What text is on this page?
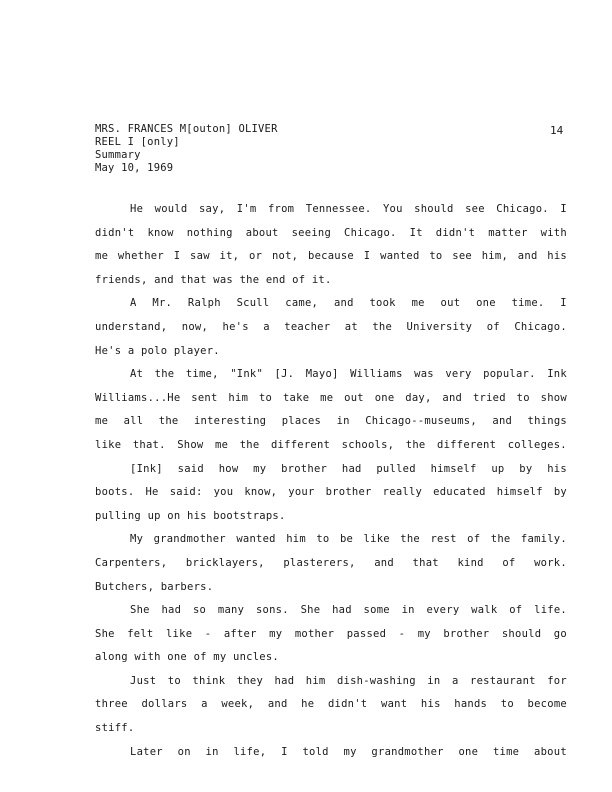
MRS. FRANCES M[outon] OLIVER
REEL I [only]
Summary
May 10, 1969
14
He would say, I'm from Tennessee. You should see Chicago. I
didn't know nothing about seeing Chicago. It didn't matter with
me whether I saw it, or not, because I wanted to see him, and his
friends, and that was the end of it.
A Mr. Ralph Scull came, and took me out one time. I
understand, now, he's a teacher at the University of Chicago.
He's a polo player.
At the time, "Ink" [J. Mayo] Williams was very popular. Ink
Williams...He sent him to take me out one day, and tried to show
me all the interesting places in Chicago--museums, and things
like that. Show me the different schools, the different colleges.
[Ink] said how my brother had pulled himself up by his
boots. He said: you know, your brother really educated himself by
pulling up on his bootstraps.
My grandmother wanted him to be like the rest of the family.
Carpenters, bricklayers, plasterers, and that kind of work.
Butchers, barbers.
She had so many sons. She had some in every walk of life.
She felt like - after my mother passed - my brother should go
along with one of my uncles.
Just to think they had him dish-washing in a restaurant for
three dollars a week, and he didn't want his hands to become
stiff.
Later on in life, I told my grandmother one time about
